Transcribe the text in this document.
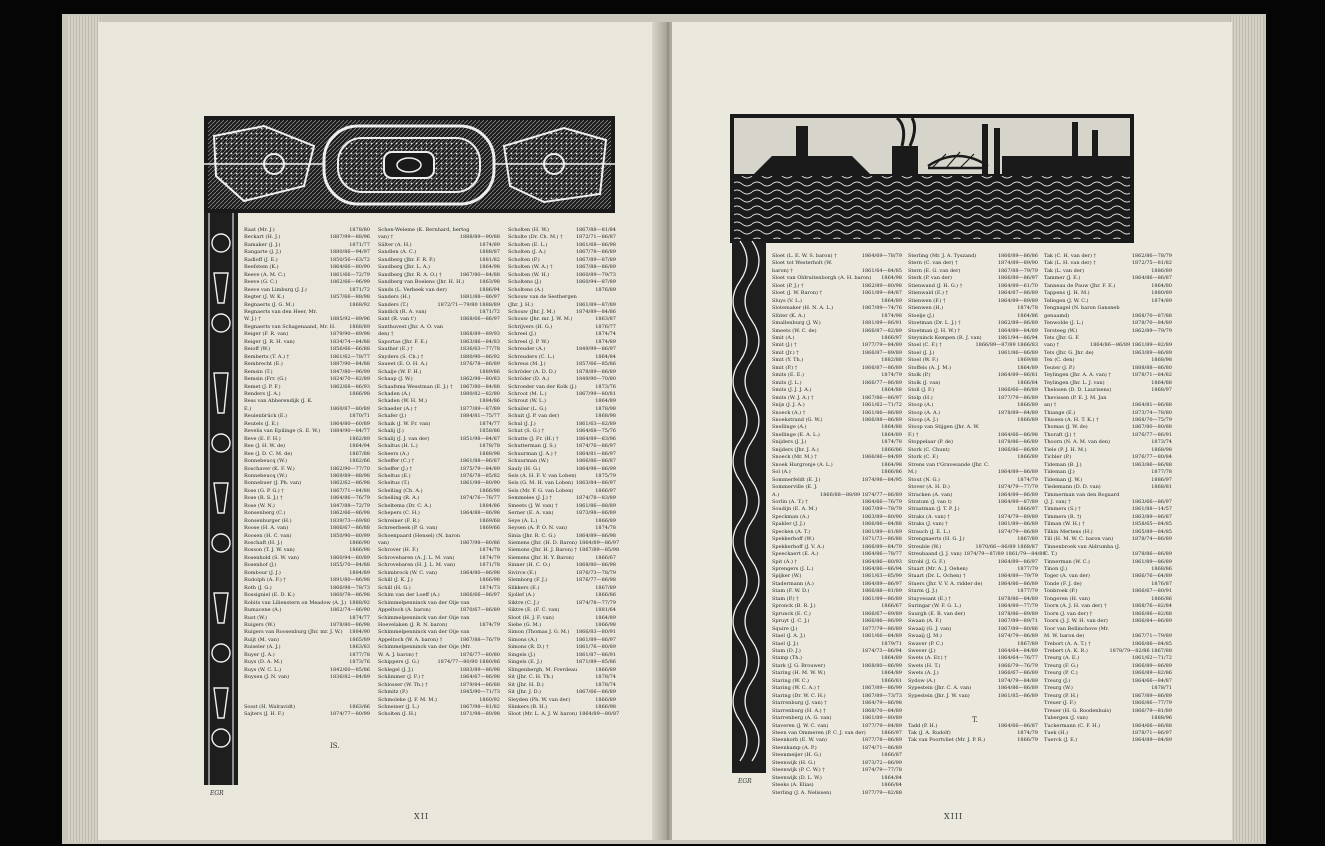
Raat (Mr. J.)	1878/80
Reckart (H. J.)	1887/99—88/96
Ramaker (J. J.)	1871/77
Rangarte (J. J.)	1880/86—94/97
Radloff (J. E.)	1850/56—63/72
Reefstem (K.)	1864/66—80/90
Reeve (A. M. C.)	1861/66—72/79
Reeve (G. C.)	1862/66—96/99
Reeve van Limburg (J. J.)	1871/72
Regter (J. W. K.)	1857/66—88/98
Regnaerts (J. G. M.)	1868/92
Regnaerts van den Heer, Mr.
W. J.) †	1885/92—89/96
Regnaerts van Schagenaand, Mr. H.	1868/89
Reiger (F. R. van)	1879/90—89/98
Reiger (J. R. H. van)	1834/74—84/88
Reioff (W.)	1856/66—66/88
Remberts (T. A.) †	1861/62—78/77
Rembrecht (E.)	1887/90—84/88
Remsin (T.)	1847/80—96/99
Remsin (Frr. (G.)	1824/70—82/89
Remet (J. P. F.)	1862/68—86/93
Renders (J. A.)	1866/98
Ress van Abberendijk (J. K.
E.)	1860/87—80/89
Reulenbrück (E.)	1870/71
Reutels (J. E.)	1864/80—60/89
Revelis van Epilinge (S. E. W.)	1884/90—84/77
Reve (E. F. H.)	1862/89
Ree (J. H. W. de)	1864/94
Ree (J. D. C. M. de)	1867/88
Ronnebeucq (W.)	1862/66
Roschaver (K. F. W.)	1862/90—77/70
Ronnebeucq (W.)	1869/89—88/98
Ronnebuer (J. Ph. van)	1862/62—86/98
Rose (G. P. G.) †	1867/71—84/88
Rose (R. S. J.) †	1864/86—76/79
Rose (W. N.)	1847/88—72/79
Ronsenberg (C.)	1862/66—86/98
Ronsenburger (H.)	1839/73—69/80
Roose (H. A. van)	1866/67—86/88
Roosen (H. C. van)	1850/90—80/99
Roschaft (H. J.)	1866/90
Rosson (T. J. W. van)	1866/98
Rosenhold (S. W. van)	1860/94—80/89
Rosenhof (J.)	1855/70—84/88
Rombour (J. J.)	1884/89
Rudolph (A. F.) †	1891/80—86/98
Roth (J. G.)	1866/98—78/73
Rossigniel (E. D. K.)	1860/78—86/98
Robits van Lilienstern on Meadow (A. J.) 1888/92
Rumacene (A.)	1862/74—86/90
Rust (W.)	1874/77
Ruigers (W.)	1878/80—86/98
Ruigers van Roosenburg (Jhr. mr. J. W.)	1884/90
Ruijt (M. van)	1865/89
Ruiseler (A. J.)	1863/83
Ruyer (J. A.)	1877/78
Ruys (D. A. M.)	1873/76
Ruys (W. C. L.)	1842/60—85/86
Ruysen (J. N. van)	1836/82—84/89

Sosst (H. Walravidt)	1863/66
Sajters (J. H. F.)	1874/77—80/99
Schen-Weleme (K. Bernhard, hertog
van) †	1888/89—90/88
Sälter (A. H.)	1874/89
Sandlen (A. C.)	1888/87
Sandberg (Jhr. F. R. P.)	1881/82
Sandberg (Jhr. L. A.)	1864/98
Sandberg (Jhr. R. A. O.) †	1867/80—84/88
Sandberg van Boelens (Jhr. H. H.)	1863/98
Sands (L. Verbeek van der)	1886/94
Sanders (H.)	1881/88—86/97
Sanders (T.)	1872/71—79/80 1888/89
Sandick (R. A. van)	1871/72
Sant (R. van t')	1868/66—86/97
Santhuvest (Jhr. A. O. van
den) †	1868/89—89/93
Saportas (Jhr. F. E.)	1863/86—84/83
Sauther (E.) †	1836/63—77/78
Snyders (S. Ch.) †	1880/90—86/92
Saueet (E. O. H. A.)	1876/78—86/89
Schalje (W. F. H.)	1889/86
Schaap (J. W.)	1862/98—80/83
Schaafsma Wesstman (E. J.) †	1867/80—84/88
Schaden (A.)	1880/82—82/80
Schaden (W. H. M.)	1884/86
Schaeder (A.) †	1877/89—87/89
Schafer (J.)	1884/81—75/77
Schaik (J. W. Fr. van)	1874/77
Schalij (J.)	1858/86
Schalij (J. J. van der)	1851/98—84/87
Schaltus (H. L.)	1878/78
Scheers (A.)	1888/98
Scheffer (C.) †	1861/88—86/87
Scheffer (J.) †	1875/79—84/89
Scheltus (E.)	1876/78—85/82
Scheltus (T.)	1861/98—80/90
Schelling (Ch. A.)	1866/98
Schelling (R. A.)	1874/76—76/77
Scheltema (Dr. C. A.)	1884/86
Schepers (C. H.)	1864/88—86/98
Schreiner (F. R.)	1869/68
Schreerbeek (P. G. van)	1869/66
Schoenpaard (Hensel) (N. baron
van)	1867/98—80/86
Schrover (H. F.)	1874/78
Schrovebaren (A. J. L. M. van)	1874/79
Schrovebaren (H. J. L. M. van)	1871/78
Schimbrock (W. C. van)	1864/80—86/98
Schill (J. K. J.)	1866/98
Schill (H. G.)	1874/73
Schim van der Loeff (A.)	1866/66—86/97
Schimmelpenninck van der Oije van
Appeltoch (A. baron)	1870/67—86/89
Schimmelpenninck van der Oije van
Hoevelaken (J. R. N. baron)	1874/79
Schimmelpenninck van der Oije van
Appeltoch (W. A. baron) †	1867/88—76/79
Schimmelpenninck van der Oije (Mr.
W. A. J. baron) †	1876/77—80/80
Schippers (J. G.)	1874/77—80/90 1880/86
Schlegel (J. J.)	1883/89—86/98
Schlimmer (J. F.) †	1864/67—86/98
Schlosser (W. Th.) †	1879/84—86/88
Schmitz (P.)	1845/90—71/73
Schmoleke (J. F. M. M.)	1860/92
Schneiner (J. L.)	1867/98—81/82
Scholten (J. H.)	1871/98—80/98
Scholten (H. W.)	1867/88—81/84
Scholte (Dr. Ch. M.) †	1872/71—86/87
Scholten (E. L.)	1861/68—86/98
Scholten (J. A.)	1867/78—86/89
Scholten (P.)	1867/89—87/89
Scholten (W. A.) †	1867/88—86/89
Scholten (W. H.)	1860/89—79/73
Scholtens (J.)	1860/94—87/89
Scholtens (A.)	1876/89
Schouw van de Sesthergen
(Jhr. J. H.)	1861/89—87/89
Schouw (Jhr. J. M.)	1874/89—84/86
Schouw (Jhr. mr. J. W. M.)	1863/87
Schrijvers (H. G.)	1876/77
Schreel (J.)	1874/74
Schreel (J. P. W.)	1874/89
Schreuder (A.)	1849/99—86/97
Schreuders (C. L.)	1864/84
Schreus (M. J.)	1857/66—85/86
Schröder (A. D. D.)	1878/89—86/89
Schröder (D. A.)	1849/90—70/80
Schroeder van der Kolk (J.)	1873/76
Schroot (M. L.)	1867/99—80/81
Schrout (W. L.)	1864/89
Schuiler (L. G.)	1878/98
Schuit (J. P. van der)	1868/98
Schul (J. J.)	1861/63—82/89
Schut (S. G.) †	1864/68—75/76
Schutte (J. Fr. (H.) †	1864/89—83/96
Schutterman (J. S.)	1874/76—86/97
Schuurman (J. A.) †	1864/81—86/97
Schuurman (W.)	1866/86—86/87
Sauly (H. G.)	1864/98—86/99
Sels (A. H. F. V. van Loben)	1875/79
Sels (G. M. H. van Loben) 1863/84—86/97
Sels (Mr. F. G. van Loben)	1866/97
Semmelee (J. J.) †	1874/78—83/89
Smeets (J. W. van) †	1861/86—88/89
Serner (E. A. van)	1873/98—86/89
Seye (A. L.)	1866/89
Seysen (A. P. O. N. van)	1874/78
Sinia (Jhr. R. C. G.)	1864/89—86/98
Siemens (Jhr. (H. D. Baron) 1864/89—86/97
Siemons (Jhr. H. J. Baron) † 1867/89—85/98
Siemens (Jhr. H. Y. Baron)	1866/67
Sinner (H. C. O.)	1868/80—86/98
Sivirce (E.)	1876/73—78/79
Slemborg (F. J.)	1876/77—86/98
Slikkers (E.)	1867/89
Sjollef (A.)	1866/86
Siktre (C. J.)	1874/78—77/79
Siktre (E. (F. C. van)	1881/64
Sloot (H. J. F. van)	1864/89
Siebe (G. M.)	1866/98
Simon (Thomas J. G. M.)	1866/83—80/91
Simons (A.)	1861/89—86/97
Simons (R. D.) †	1861/76—80/89
Singels (J.)	1861/87—86/91
Singels (E. J.)	1871/89—85/86
Slingenbergh, M. Frerdeau	1866/89
Sit (Jhr. C. H. Th.)	1878/74
Sit (Jhr. H. D.)	1878/74
Sit (Jhr. J. D.)	1867/66—86/89
Sleyden (Ph. W. van der)	1866/89
Slinkers (B. H.)	1866/98
Sloot (Mr. L. A. J. W. baron) 1864/89—80/87
IS.
EGR
XII
Sloet (L. E. W. S. baron) †	1864/69—78/79
Sloet tot Westerholt (W.
baron) †	1861/64—84/85
Sloet van Oldruitenborgh (A. H. baron)	1864/98
Sloet (P. J.) †	1862/89—80/98
Sloet (J. W. Baron) †	1861/89—84/87
Sluys (V. L.)	1864/89
Slotemaker (H. N. A. L.)	1867/89—74/76
Slüter (K. A.)	1874/98
Smallenburg (J. W.)	1881/89—86/91
Smeets (W. C. de)	1866/87—82/89
Smit (A.)	1866/97
Smit (J.) †	1877/79—84/89
Smit (Jr.) †	1866/87—89/89
Smit (Y. Th.)	1882/88
Smit (P.) †	1866/87—86/89
Smits (E. E.)	1874/79
Smits (J. L.)	1866/77—86/89
Smits (J. J. J. A.)	1864/88
Smits (W. J. A.) †	1867/86—86/97
Snijs (J. J. A.)	1861/62—71/72
Snoeck (A.) †	1861/86—86/89
Snoekstrand (G. W.)	1866/88—86/89
Snellinge (A.)	1864/88
Snellinge (E. A. L.)	1864/89
Snijders (J. J.)	1874/78
Snijders (Jhr. J. A.)	1866/86
Snoeck (Mr. M.) †	1866/86—84/89
Snoek Hurgronje (A. L.)	1864/98
Sol (A.)	1866/86
Sommerfeldt (E. J.)	1874/98—84/95
Sommerville (E. J.
A.)	1866/88—88/89 1874/77—86/89
Sorlin (A. T.) †	1864/66—76/79
Soudijn (E. A. M.)	1867/89—78/79
Speckman (A.)	1863/89—80/90
Spakler (J. J.)	1866/86—84/88
Specken (A. T.)	1861/89—81/89
Spekkerhoff (W.)	1871/73—86/88
Spekkerhoff (J. V. A.)	1866/89—84/79
Speeckaert (E. A.)	1864/86—78/77
Spit (A.) †	1864/86—80/93
Sprengers (J. L.)	1864/86—86/94
Spijker (W.)	1861/63—85/99
Stadermann (A.)	1864/89—86/97
Stam (F. W. D.)	1866/88—81/89
Stam (P.) †	1861/89—86/89
Spronck (B. R. J.)	1866/67
Sprunck (E. C.)	1866/67—89/89
Spruyt (J. C. J.)	1866/86—86/99
Squire (J.)	1877/79—86/89
Stael (J. A. J.)	1861/66—84/89
Stael (J. J.)	1879/71
Stam (D. J.)	1874/73—86/94
Stamp (Th.)	1864/89
Stark (J. G. Brouwer)	1868/80—86/99
Staring (H. M. W. W.)	1864/89
Staring (W. C.)	1866/81
Staring (W. C. A.) †	1867/89—86/99
Staring (Dr. W. C. H.)	1867/89—73/73
Starrenburg (J. van) †	1864/79—86/98
Starrenburg (H. A.) †	1868/70—84/89
Starrenberg (A. G. van)	1861/89—80/89
Staveren (J. W. C. van)	1877/79—84/89
Steen van Ommeren (P. C. J. van der)	1866/97
Steenkorb (E. W. van)	1877/78—86/89
Steenkamp (A. P.)	1874/71—86/89
Steenmeijer (H. G.)	1866/87
Steenwijk (H. G.)	1873/72—86/99
Steenwijk (P. C. W.) †	1874/79—77/78
Steenwijk (D. L. W.)	1864/84
Steeks (A. Elias)	1866/84
Sterling (J. A. Nelissen)	1877/79—82/88
Sterling (Mr. J. A. Tyszand)	1866/89—86/86
Stern (C. van der) †	1874/89—89/90
Stern (E. G. van der)	1867/88—79/79
Sterk (P. van der)	1866/89—86/97
Stienwand (J. H. G.) †	1864/89—61/70
Stienwald (E.) †	1864/87—86/89
Stienwen (F.) †	1864/89—89/89
Stienwen (H.)	1874/78
Stoelje (J.)	1864/86
Stoetman (Dr. L. J.) †	1862/89—86/89
Stoetman (J. H. W.) †	1864/89—84/89
Steyninck Kempen (R. J. van)	1861/94—86/94
Stoel (C. F.) †	1866/89—87/89 1866/83
Stoel (J. J.)	1861/86—86/89
Stoel (W. F.)	1869/88
Stoffels (A. J. M.)	1864/89
Stolk (P.)	1864/89—86/81
Stolk (J. van)	1866/84
Stoll (J. F.)	1866/66—86/89
Stolp (H.)	1877/79—86/89
Stoop (A.)	1866/89
Stoop (A. A.)	1878/89—84/89
Stoop (A. J.)	1866/89
Stoop van Stijgen (Jhr. A. W.
F.) †	1864/66—86/98
Stoppelaar (P. de)	1878/86—86/89
Stork (C. Chunt)	1866/86—86/89
Stork (C. F.)	1866/89
Strens van t'Gravesande (Jhr. C.
M.)	1864/89—86/89
Stout (N. G.)	1874/79
Stover (A. H. D.)	1874/79—77/79
Stracken (A. van)	1864/89—86/89
Stratum (J. van t)	1864/89—87/89
Straatman (J. T. P. J.)	1866/97
Straks (A. van) †	1874/79—89/89
Straks (J. van) †	1861/89—86/89
Strauch (J. E. L.)	1874/79—86/89
Strengnaerts (H. G. J.)	1867/89
Streuble (W.)	1870/66—86/89 1868/87
Streubaand (J. J. van) 1874/79—87/89 1861/79—84/89
Strobl (J. G. F.)	1864/89—86/97
Stuart (Mr. A. J. Oehen)	1877/79
Stuart (Dr. L. Ochen) †	1864/89—79/79
Stuers (Jhr. V. V. A. ridder de)	1864/86—86/89
Sturm (J. J.)	1877/79
Stuyvesant (E.) †	1878/86—84/89
Suringar (W. F. G. L.)	1864/89—77/79
Suurgh (E. B. van der)	1878/86—89/89
Swaan (A. F.)	1867/89—89/71
Swaaij (G. J. van)	1867/89—80/86
Swaaij (J. M.)	1874/79—86/89
Swaver (P. C.)	1867/89
Swever (J.)	1864/64—84/89
Swets (A. Er.) †	1864/64—76/77
Swets (H. T.)	1866/79—76/79
Swets (A. J.)	1866/67—86/89
Sydow (A.)	1874/79—84/89
Sypestein (Jhr. C. A. van)	1864/86—86/89
Sypestein (Jhr. J. W. van)	1861/85—86/89

Tadd (P. H.)	1864/66—86/87
Tak (J. A. Rudolf)	1874/79
Tak van Poortvliet (Mr. J. P. R.)	1866/79
Tak (C. H. van der) †	1862/86—78/79
Tak (L. H. van der) †	1872/75—81/82
Tak (L. van der)	1886/89
Tammer (J. E.)	1864/86—86/87
Tanneau de Pauw (Jhr. F. E.)	1864/80
Tappens (J. H. M.)	1880/89
Tellegen (J. W. C.)	1874/89
Tengnagel (N. baron Gansneb
genaamd)	1868/70—87/88
Tenwolde (J. L.)	1878/70—84/89
Tersteeg (W.)	1862/89—79/79
Tets (Jhr. G. F.
van) †	1864/86—86/89 1861/89—82/89
Tets (Jhr. G. Jhr. de)	1863/89—86/89
Tex (C. den)	1868/98
Teuter (J. P.)	1888/88—86/80
Teylingen (Jhr. A. A. van) †	1878/71—84/82
Teylingen (Jhr. L. J. van)	1864/88
Thelosen (D. D. Laurisens)	1868/97
Thevissen (P. E. J. M. Jan
an) †	1864/81—86/88
Thiange (E.)	1873/74—78/80
Thissen (A. H. T. K.) †	1868/70—75/79
Thomas (J. W. de)	1867/80—80/88
Thoraft (J.) †	1876/77—86/91
Thoorn (N. A. M. van den)	1873/74
Tiele (P. J. H. M.)	1868/98
Tichler (P.)	1876/77—80/84
Tideman (B. J.)	1863/86—86/88
Tideman (J.)	1877/78
Tideman (J. W.)	1886/97
Tiedemann (D. D. van)	1868/81
Timmerman van den Bogaard
(J. J. van) †	1863/66—86/97
Timmers (S.) †	1861/88—14/57
Timmers (R. †)	1863/89—86/87
Tilman (W. H.) †	1858/65—84/85
Tilkin Mertens (H.)	1865/89—84/85
Till (H. M. W. C. baron van)	1878/74—86/89
Tinnenbroek van Aldrumba (J.
C. T.)	1878/86—86/89
Tinnerman (W. C.)	1861/89—86/89
Tinon (J.)	1868/86
Toger (A. van der)	1866/76—64/89
Tonde (F. J. de)	1876/87
Tonbroek (P.)	1866/67—80/91
Tongeren (H. van)	1866/86
Toorn (A. J. H. van der) †	1868/76—82/84
Toorn (J. van der) †	1866/86—82/88
Toorn (J. J. W. H. van der)	1866/84—86/89
Toor van Bellinchove (Mr.
M. W. baron de)	1867/71—79/89
Trebort (A. A. T.) †	1866/86—84/85
Trebert (A. K. R.)	1878/79—82/86 1867/88
Treurg (A. E.)	1861/62—71/72
Treurg (F. G.)	1866/89—86/89
Treurg (P. C.)	1866/89—82/86
Treurg (J.)	1864/66—84/87
Treurg (W.)	1878/71
Treurg (P. H.)	1867/89—86/89
Treuer (J. F.)	1866/86—77/79
Treuer (H. G. Roodenhuis)	1866/79—81/89
Tubergen (J. van)	1888/96
Tuckermann (C. F. H.)	1864/66—86/88
Tuek (H.)	1878/71—86/97
Tuerck (J. E.)	1864/89—84/89
T.
EGR
XIII
